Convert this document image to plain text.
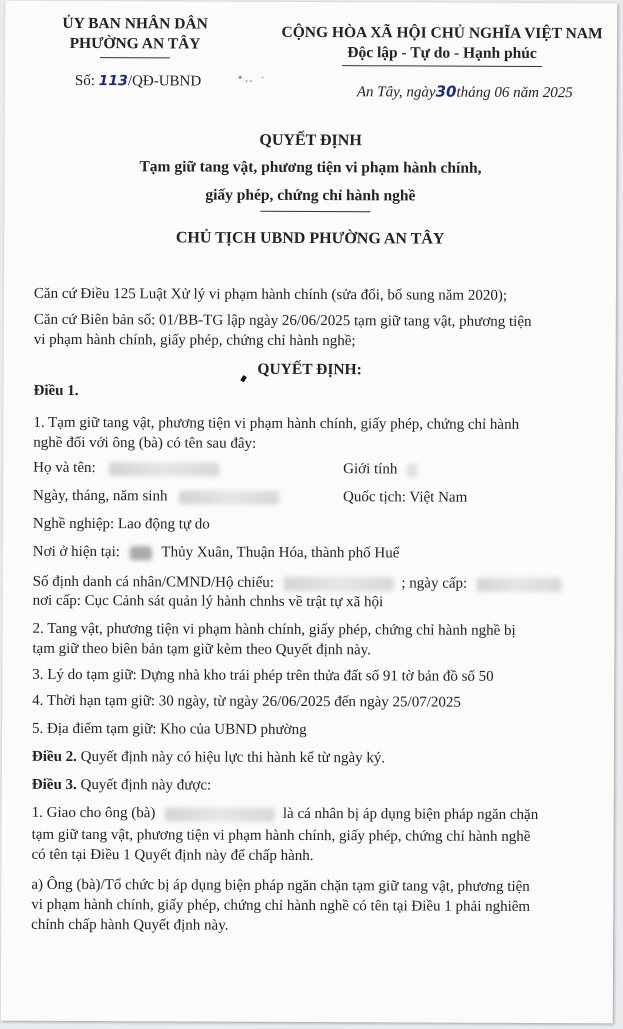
ỦY BAN NHÂN DÂN
PHƯỜNG AN TÂY
CỘNG HÒA XÃ HỘI CHỦ NGHĨA VIỆT NAM
Độc lập - Tự do - Hạnh phúc
Số: 113/QĐ-UBND	•‥ ·
An Tây, ngày30tháng 06 năm 2025
QUYẾT ĐỊNH
Tạm giữ tang vật, phương tiện vi phạm hành chính,
giấy phép, chứng chỉ hành nghề
CHỦ TỊCH UBND PHƯỜNG AN TÂY
Căn cứ Điều 125 Luật Xử lý vi phạm hành chính (sửa đổi, bổ sung năm 2020);
Căn cứ Biên bản số: 01/BB-TG lập ngày 26/06/2025 tạm giữ tang vật, phương tiện
vi phạm hành chính, giấy phép, chứng chỉ hành nghề;
QUYẾT ĐỊNH:
Điều 1.
1. Tạm giữ tang vật, phương tiện vi phạm hành chính, giấy phép, chứng chỉ hành
nghề đối với ông (bà) có tên sau đây:
Họ và tên:	Giới tính
Ngày, tháng, năm sinh	Quốc tịch: Việt Nam
Nghề nghiệp: Lao động tự do
Nơi ở hiện tại:	Thủy Xuân, Thuận Hóa, thành phố Huế
Số định danh cá nhân/CMND/Hộ chiếu:	; ngày cấp:
nơi cấp: Cục Cảnh sát quản lý hành chnhs về trật tự xã hội
2. Tang vật, phương tiện vi phạm hành chính, giấy phép, chứng chỉ hành nghề bị
tạm giữ theo biên bản tạm giữ kèm theo Quyết định này.
3. Lý do tạm giữ: Dựng nhà kho trái phép trên thửa đất số 91 tờ bản đồ số 50
4. Thời hạn tạm giữ: 30 ngày, từ ngày 26/06/2025 đến ngày 25/07/2025
5. Địa điểm tạm giữ: Kho của UBND phường
Điều 2. Quyết định này có hiệu lực thi hành kể từ ngày ký.
Điều 3. Quyết định này được:
1. Giao cho ông (bà)	là cá nhân bị áp dụng biện pháp ngăn chặn
tạm giữ tang vật, phương tiện vi phạm hành chính, giấy phép, chứng chỉ hành nghề
có tên tại Điều 1 Quyết định này để chấp hành.
a) Ông (bà)/Tổ chức bị áp dụng biện pháp ngăn chặn tạm giữ tang vật, phương tiện
vi phạm hành chính, giấy phép, chứng chỉ hành nghề có tên tại Điều 1 phải nghiêm
chỉnh chấp hành Quyết định này.
